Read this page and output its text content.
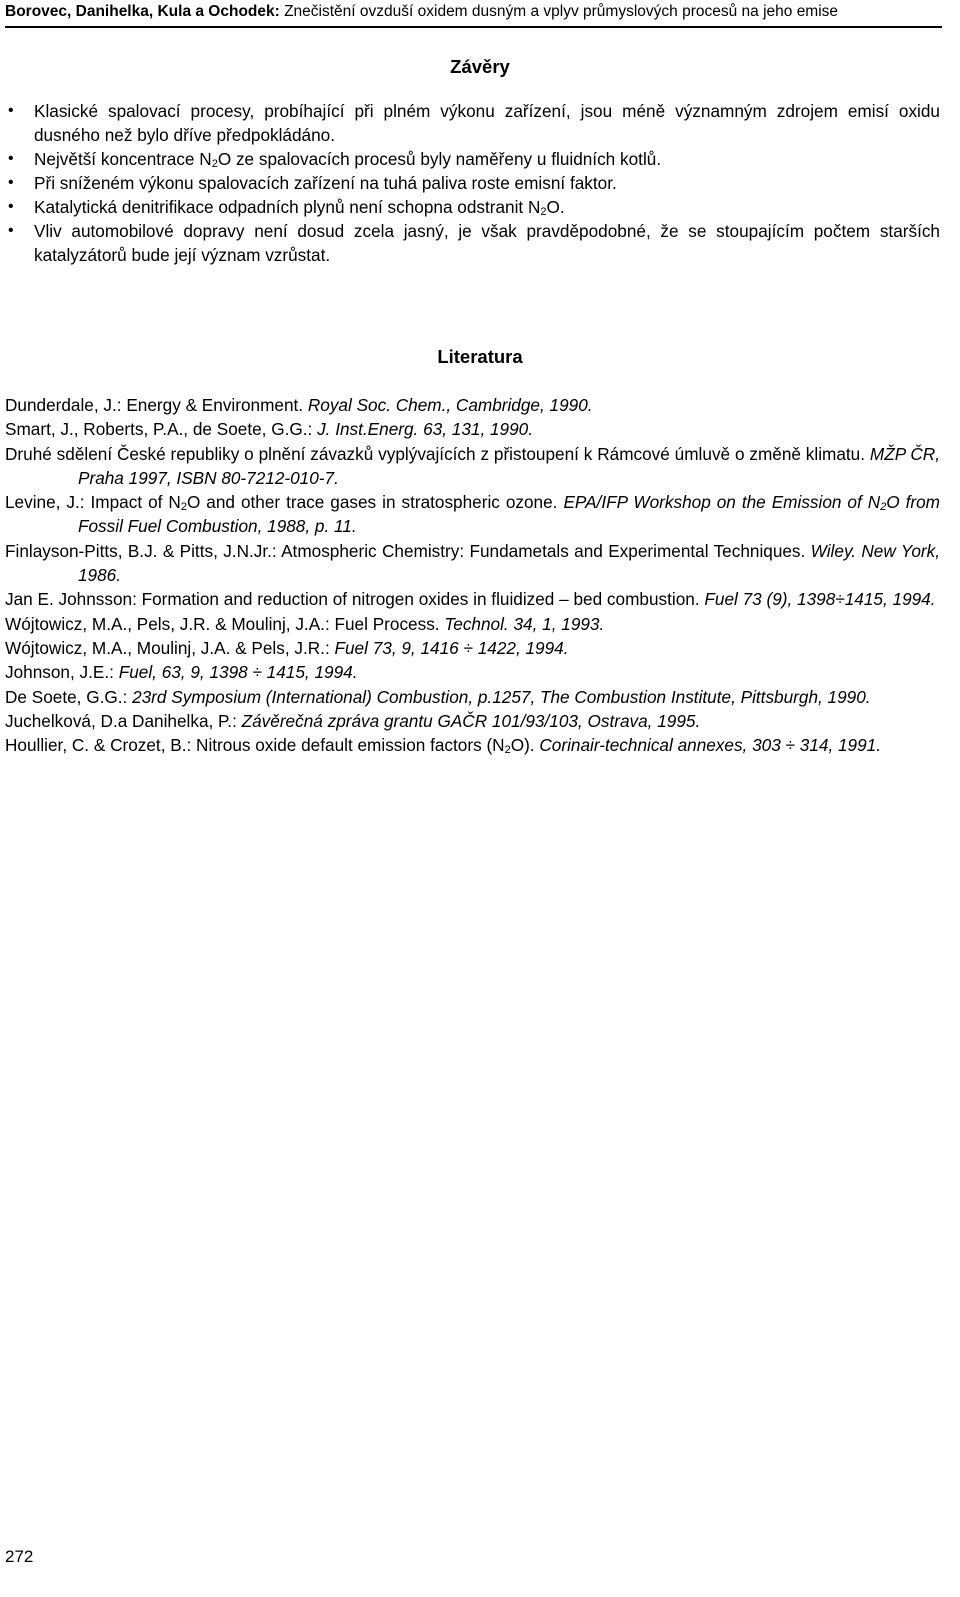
Borovec, Danihelka, Kula a Ochodek: Znečistění ovzduší oxidem dusným a vplyv průmyslových procesů na jeho emise
Závěry
• Klasické spalovací procesy, probíhající při plném výkonu zařízení, jsou méně významným zdrojem emisí oxidu dusného než bylo dříve předpokládáno.
• Největší koncentrace $N_2O$ ze spalovacích procesů byly naměřeny u fluidních kotlů.
• Při sníženém výkonu spalovacích zařízení na tuhá paliva roste emisní faktor.
• Katalytická denitrifikace odpadních plynů není schopna odstranit $N_2O$.
• Vliv automobilové dopravy není dosud zcela jasný, je však pravděpodobné, že se stoupajícím počtem starších katalyzátorů bude její význam vzrůstat.
Literatura
Dunderdale, J.: Energy & Environment. Royal Soc. Chem., Cambridge, 1990.
Smart, J., Roberts, P.A., de Soete, G.G.: J. Inst.Energ. 63, 131, 1990.
Druhé sdělení České republiky o plnění závazků vyplývajících z přistoupení k Rámcové úmluvě o změně klimatu. MŽP ČR, Praha 1997, ISBN 80-7212-010-7.
Levine, J.: Impact of $N_2O$ and other trace gases in stratospheric ozone. EPA/IFP Workshop on the Emission of $N_2O$ from Fossil Fuel Combustion, 1988, p. 11.
Finlayson-Pitts, B.J. & Pitts, J.N.Jr.: Atmospheric Chemistry: Fundametals and Experimental Techniques. Wiley. New York, 1986.
Jan E. Johnsson: Formation and reduction of nitrogen oxides in fluidized – bed combustion. Fuel 73 (9), 1398÷1415, 1994.
Wójtowicz, M.A., Pels, J.R. & Moulinj, J.A.: Fuel Process. Technol. 34, 1, 1993.
Wójtowicz, M.A., Moulinj, J.A. & Pels, J.R.: Fuel 73, 9, 1416 ÷ 1422, 1994.
Johnson, J.E.: Fuel, 63, 9, 1398 ÷ 1415, 1994.
De Soete, G.G.: 23rd Symposium (International) Combustion, p.1257, The Combustion Institute, Pittsburgh, 1990.
Juchelková, D.a Danihelka, P.: Závěrečná zpráva grantu GAČR 101/93/103, Ostrava, 1995.
Houllier, C. & Crozet, B.: Nitrous oxide default emission factors $(N_2O)$. Corinair-technical annexes, 303 ÷ 314, 1991.
272
